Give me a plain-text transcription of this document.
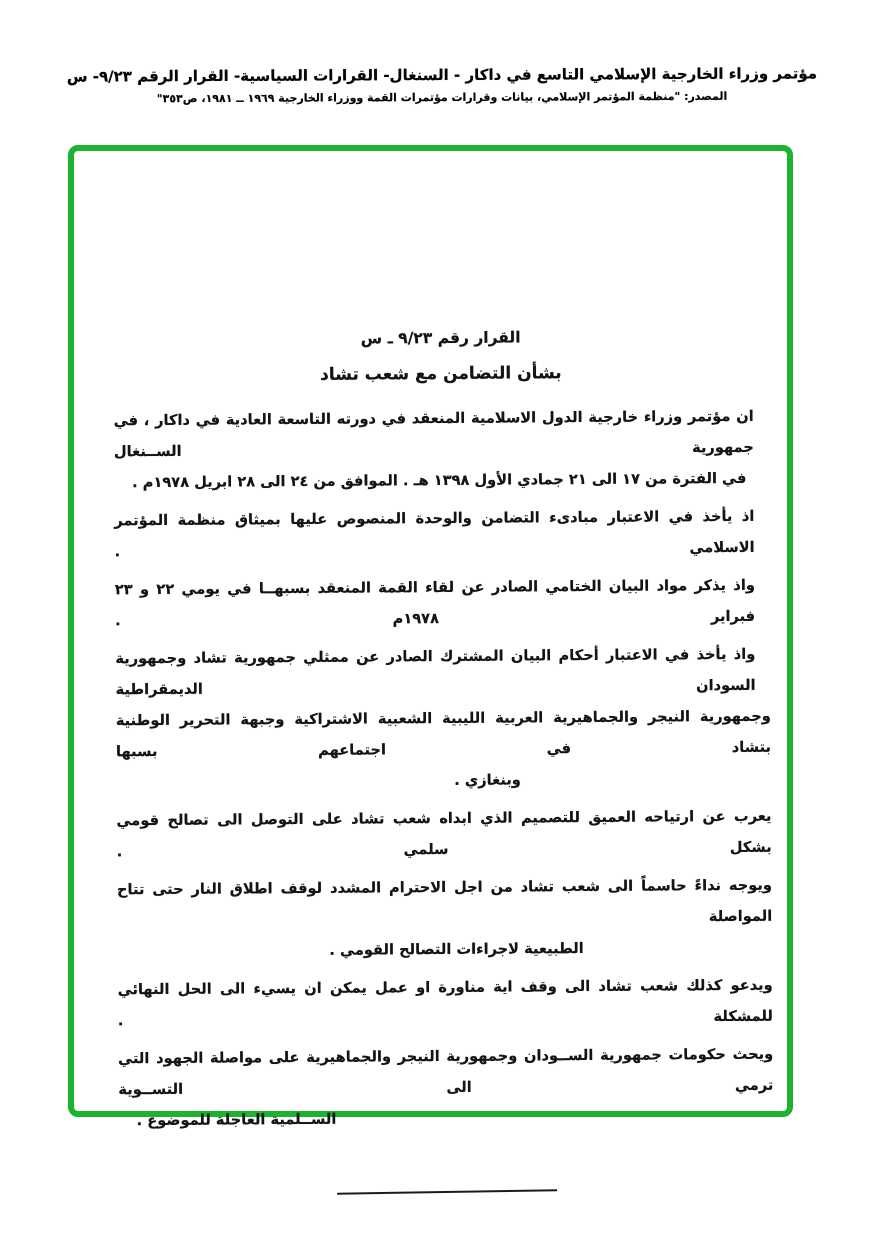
مؤتمر وزراء الخارجية الإسلامي التاسع في داكار - السنغال- القرارات السياسية- القرار الرقم ٩/٢٣- س
المصدر: "منظمة المؤتمر الإسلامي، بيانات وقرارات مؤتمرات القمة ووزراء الخارجية ١٩٦٩ ــ ١٩٨١، ص٣٥٣"
القرار رقم ٩/٢٣ ـ س
بشأن التضامن مع شعب تشاد
ان مؤتمر وزراء خارجية الدول الاسلامية المنعقد في دورته التاسعة العادية في داكار ، في جمهورية الســنغال
في الفترة من ١٧ الى ٢١ جمادي الأول ١٣٩٨ هـ . الموافق من ٢٤ الى ٢٨ ابريل ١٩٧٨م .
اذ يأخذ في الاعتبار مبادىء التضامن والوحدة المنصوص عليها بميثاق منظمة المؤتمر الاسلامي .
واذ يذكر مواد البيان الختامي الصادر عن لقاء القمة المنعقد بسبهــا في يومي ٢٢ و ٢٣ فبراير ١٩٧٨م .
واذ يأخذ في الاعتبار أحكام البيان المشترك الصادر عن ممثلي جمهورية تشاد وجمهورية السودان الديمقراطية
وجمهورية النيجر والجماهيرية العربية الليبية الشعبية الاشتراكية وجبهة التحرير الوطنية بتشاد في اجتماعهم بسبها
وبنغازي .
يعرب عن ارتياحه العميق للتصميم الذي ابداه شعب تشاد على التوصل الى تصالح قومي بشكل سلمي .
ويوجه نداءً حاسماً الى شعب تشاد من اجل الاحترام المشدد لوقف اطلاق النار حتى تتاح المواصلة
الطبيعية لاجراءات التصالح القومي .
ويدعو كذلك شعب تشاد الى وقف اية مناورة او عمل يمكن ان يسيء الى الحل النهائي للمشكلة .
ويحث حكومات جمهورية الســودان وجمهورية النيجر والجماهيرية على مواصلة الجهود التي ترمي الى التســوية
الســلمية العاجلة للموضوع .
